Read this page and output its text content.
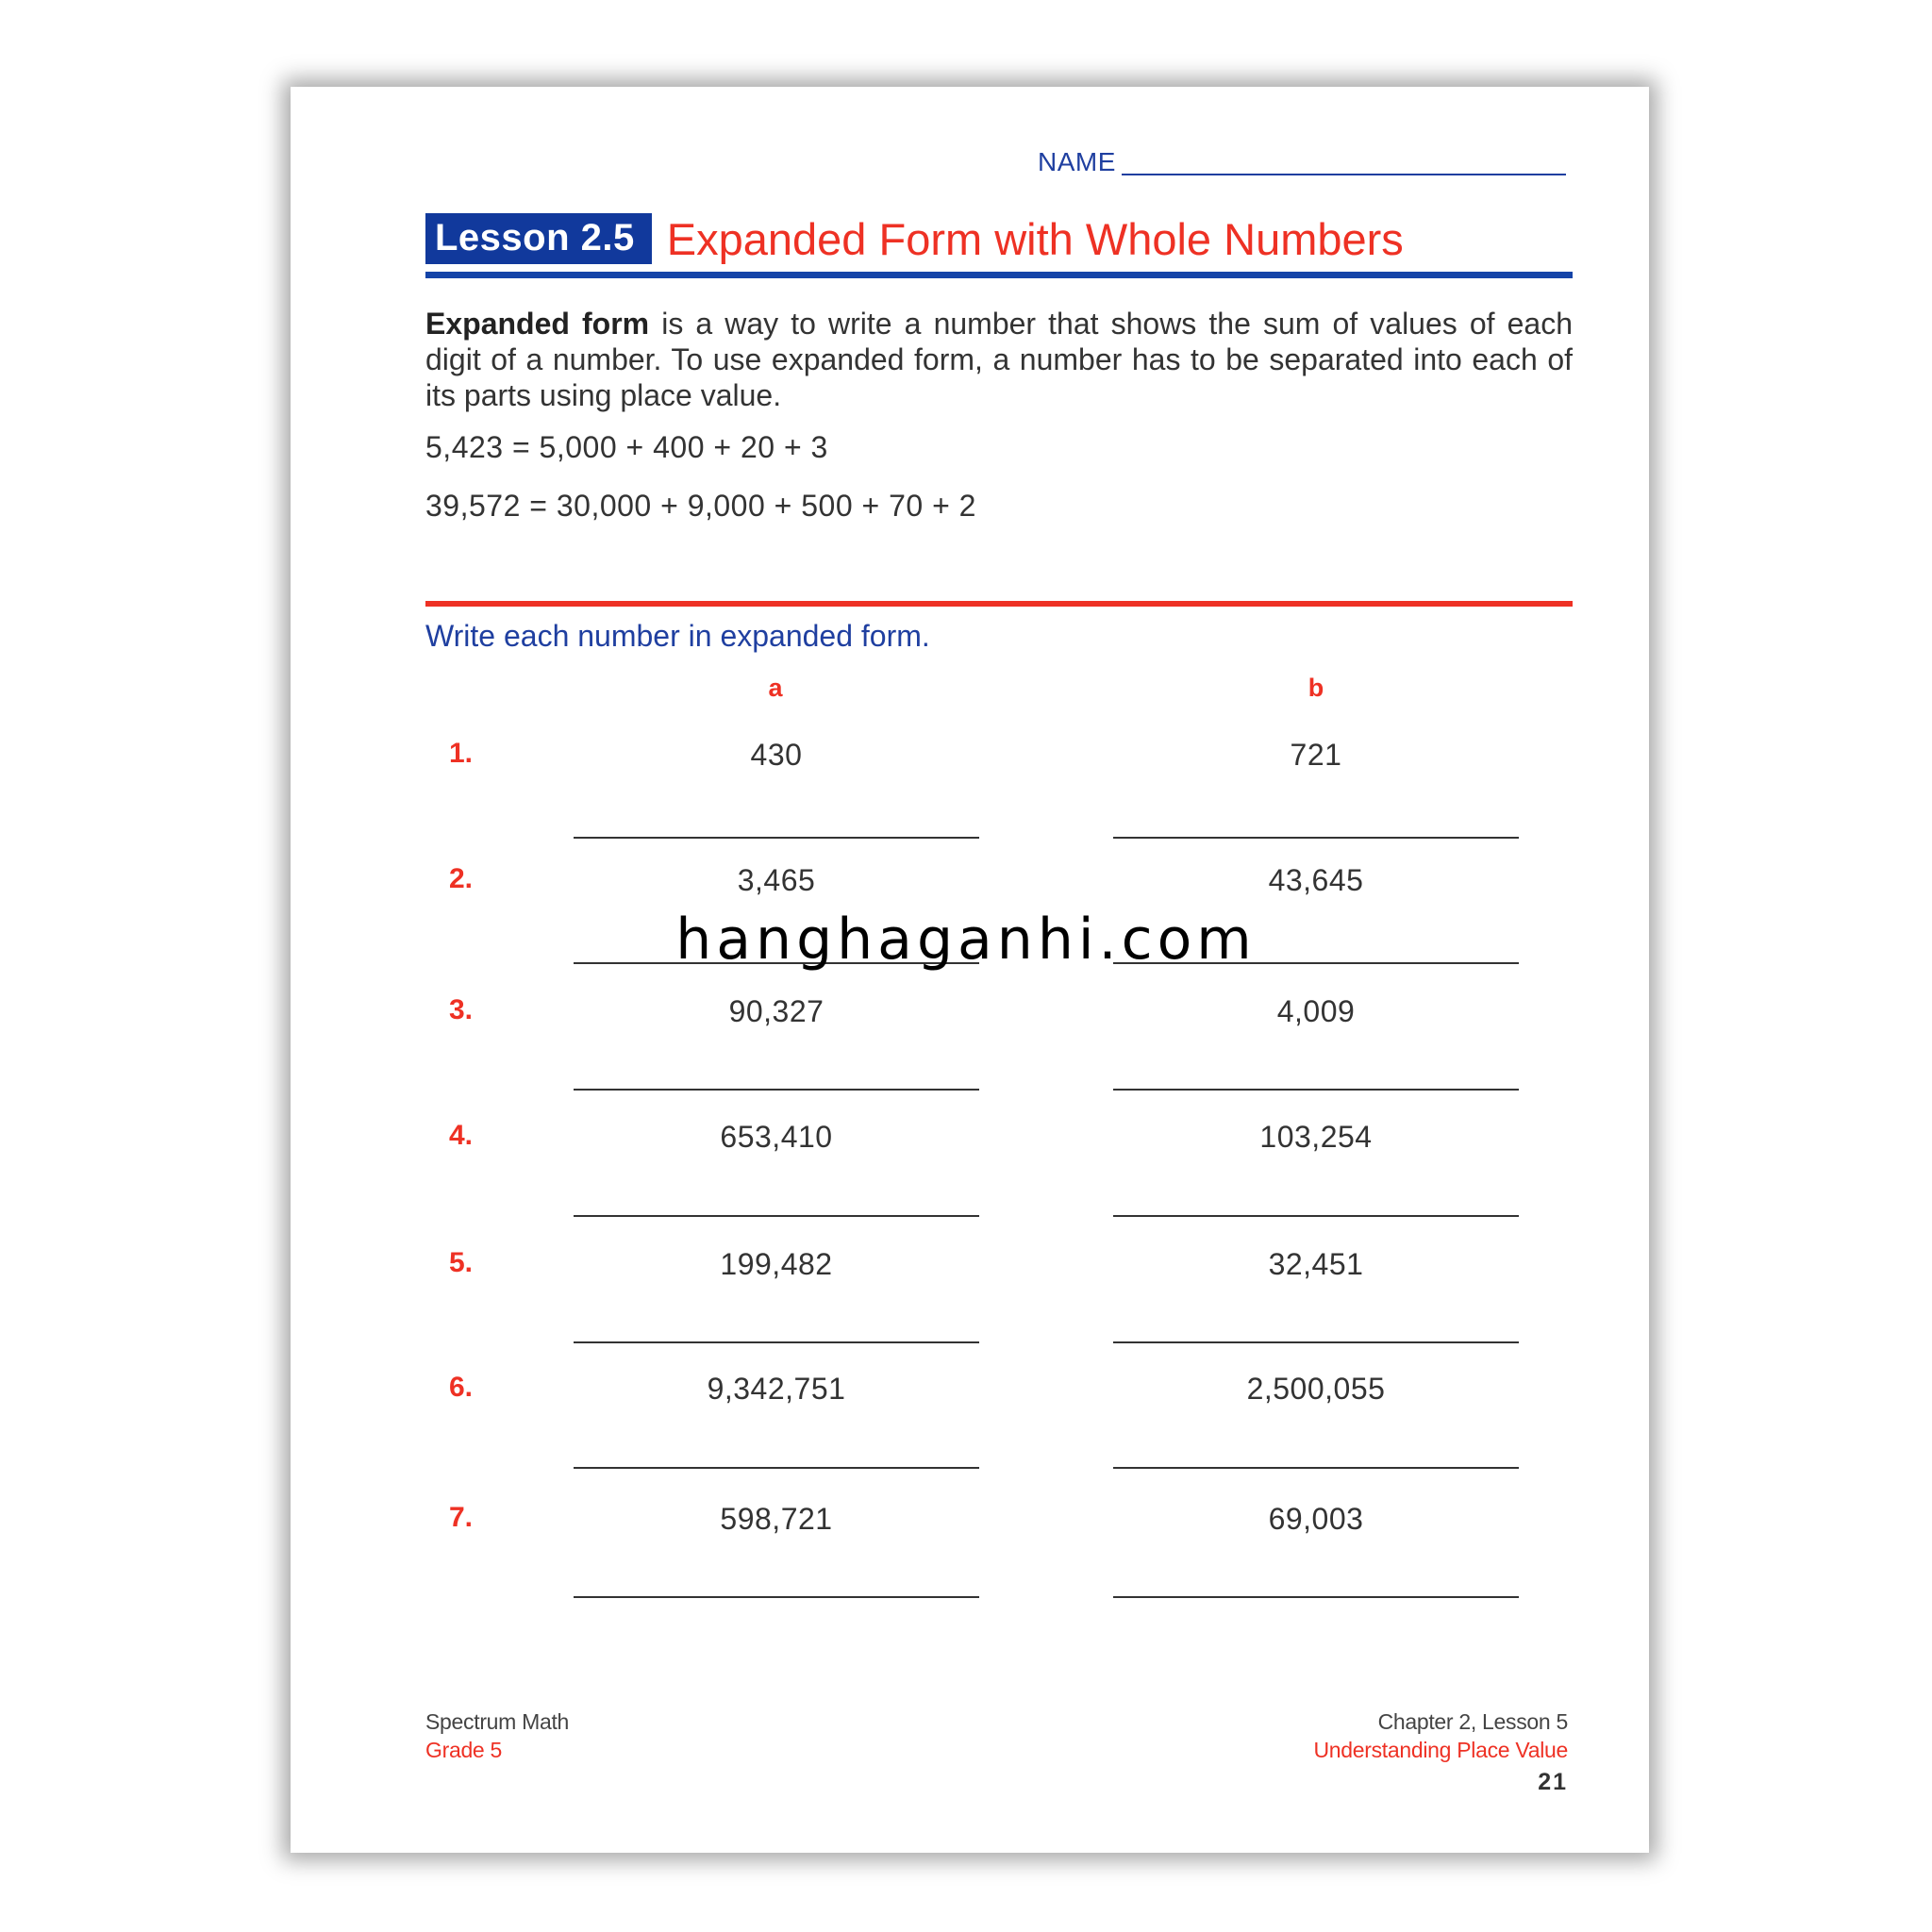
NAME
Lesson 2.5 Expanded Form with Whole Numbers
Expanded form is a way to write a number that shows the sum of values of each digit of a number. To use expanded form, a number has to be separated into each of its parts using place value.
5,423 = 5,000 + 400 + 20 + 3
39,572 = 30,000 + 9,000 + 500 + 70 + 2
Write each number in expanded form.
a	b
1.	430	721
2.	3,465	43,645
3.	90,327	4,009
4.	653,410	103,254
5.	199,482	32,451
6.	9,342,751	2,500,055
7.	598,721	69,003
Spectrum Math
Grade 5
Chapter 2, Lesson 5
Understanding Place Value
21
hanghaganhi.com
